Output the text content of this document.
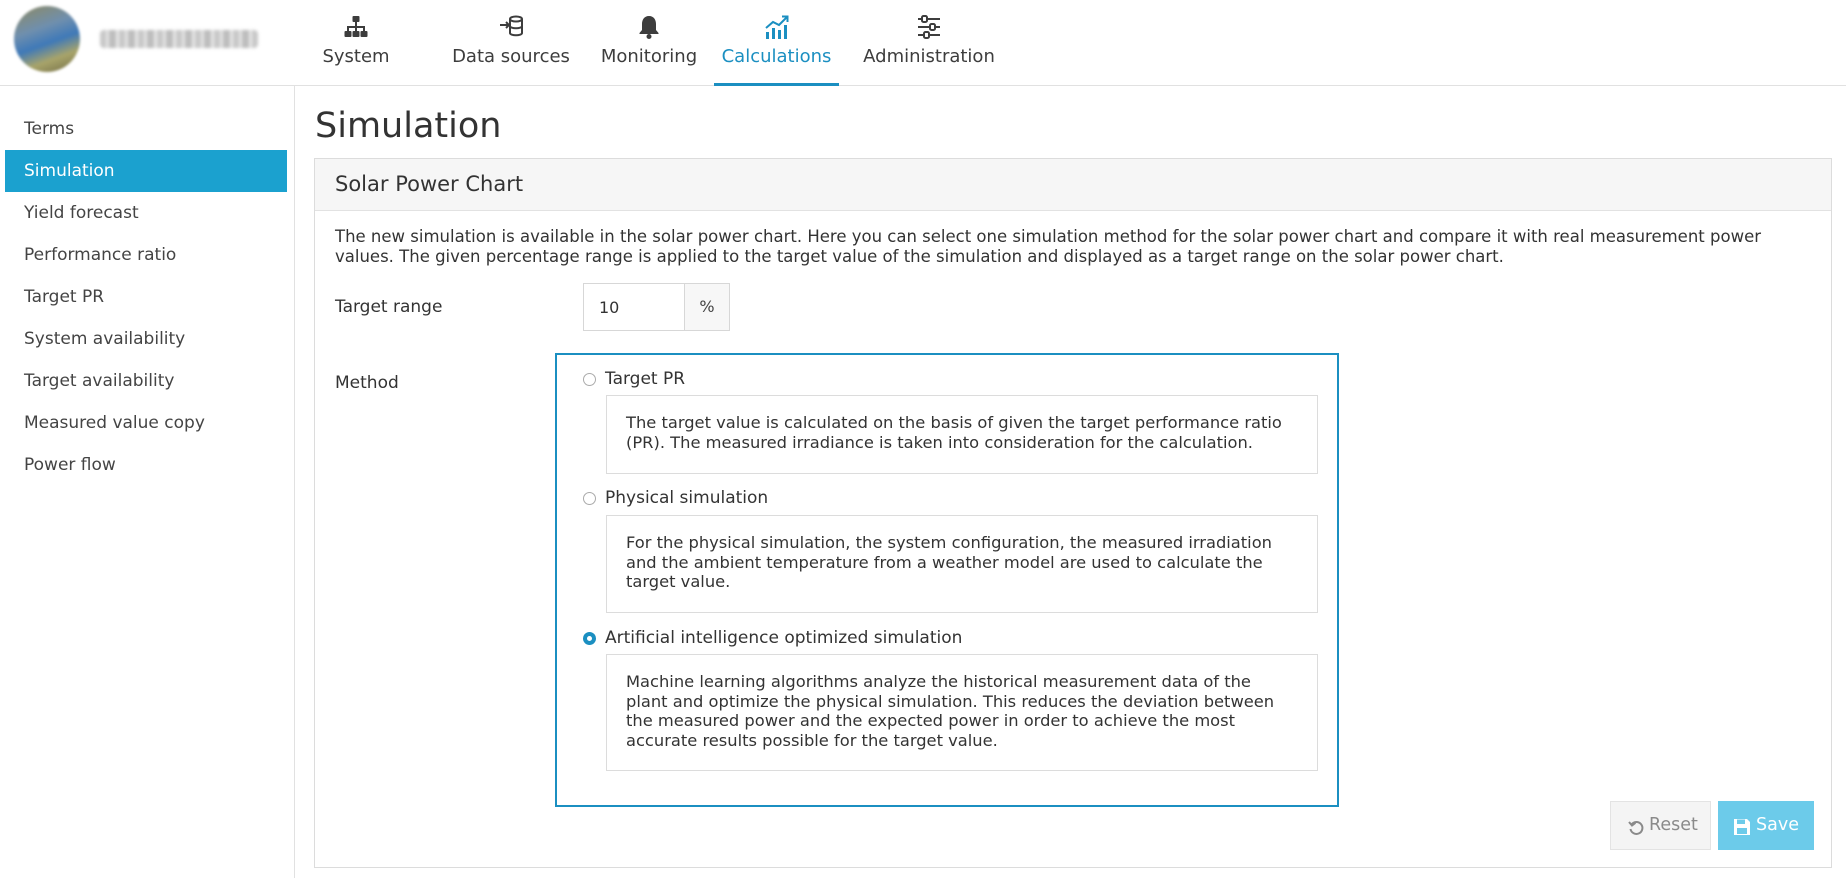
System	Data sources	Monitoring	Calculations	Administration
Terms
Simulation
Yield forecast
Performance ratio
Target PR
System availability
Target availability
Measured value copy
Power flow
Simulation
Solar Power Chart
The new simulation is available in the solar power chart. Here you can select one simulation method for the solar power chart and compare it with real measurement power values. The given percentage range is applied to the target value of the simulation and displayed as a target range on the solar power chart.
Target range
10	%
Method	Target PR
The target value is calculated on the basis of given the target performance ratio (PR). The measured irradiance is taken into consideration for the calculation.
Physical simulation
For the physical simulation, the system configuration, the measured irradiation and the ambient temperature from a weather model are used to calculate the target value.
Artificial intelligence optimized simulation
Machine learning algorithms analyze the historical measurement data of the plant and optimize the physical simulation. This reduces the deviation between the measured power and the expected power in order to achieve the most accurate results possible for the target value.
Reset	Save
